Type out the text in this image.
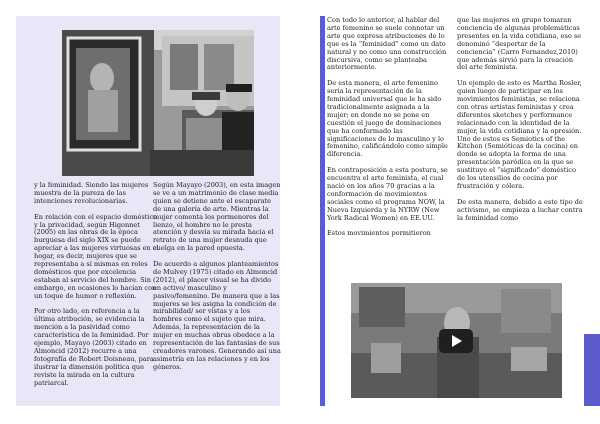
y la feminidad. Siendo las mujeres muestra de la pureza de las intenciones revolucionarias.

En relación con el espacio doméstico y la privacidad, según Higonnet (2005) en las obras de la época burguesa del siglo XIX se puede apreciar a las mujeres virtuosas en el hogar, es decir, mujeres que se representaba a sí mismas en roles domésticos que por excelencia estaban al servicio del hombre. Sin embargo, en ocasiones lo hacían con un toque de humor o reflexión.

Por otro lado, en referencia a la última atribución, se evidencia la mención a la pasividad como característica de la feminidad. Por ejemplo, Mayayo (2003) citado en Almoncid (2012) recurre a una fotografía de Robert Doisneau, para ilustrar la dimensión política que reviste la mirada en la cultura patriarcal.

Según Mayayo (2003), en esta imagen se ve a un matrimonio de clase media quien se detiene ante el escaparate de una galería de arte. Mientras la mujer comenta los pormenores del lienzo, el hombre no le presta atención y desvía su mirada hacia el retrato de una mujer desnuda que cuelga en la pared opuesta.

De acuerdo a algunos planteamientos de Mulvey (1975) citado en Almoncid (2012), el placer visual se ha divido en activo/ masculino y pasivo/femenino. De manera que a las mujeres se les asigna la condición de mirabilidad/ ser vistas y a los hombres como el sujeto que mira. Además, la representación de la mujer en muchas obras obedece a la representación de las fantasías de sus creadores varones. Generando así una asimetría en las relaciones y en los géneros.

Con todo lo anterior, al hablar del arte femenino se suele connotar un arte que expresa atribuciones de lo que es la “feminidad” como un dato natural y no como una construcción discursiva, como se planteaba anteriormente.

De esta manera, el arte femenino sería la representación de la feminidad universal que le ha sido tradicionalmente asignada a la mujer; en donde no se pone en cuestión el juego de dominaciones que ha conformado las significaciones de lo masculino y lo femenino, calificándolo como simple diferencia.

En contraposición a esta postura, se encuentra el arte feminista, el cual nació en los años 70 gracias a la conformación de movimientos sociales como el programa NOW, la Nueva Izquierda y la NYRW (New York Radical Women) en EE.UU.

Estos movimientos permitieron

que las mujeres en grupo tomaran conciencia de algunas problemáticas presentes en la vida cotidiana, eso se denominó “despertar de la conciencia” (Carro Fernandez,2010) que además sirvió para la creación del arte feminista.

Un ejemplo de esto es Martha Rosler, quien luego de participar en los movimientos feministas, se relaciona con otras artistas feministas y crea diferentes sketches y performance relacionado con la identidad de la mujer, la vida cotidiana y la opresión. Uno de estos es Semiotics of the Kitchen (Semióticas de la cocina) en donde se adopta la forma de una presentación paródica en la que se sustituye el “significado” doméstico de los utensilios de cocina por frustración y cólera.

De esta manera, debido a este tipo de activismo, se empieza a luchar contra la feminidad como
